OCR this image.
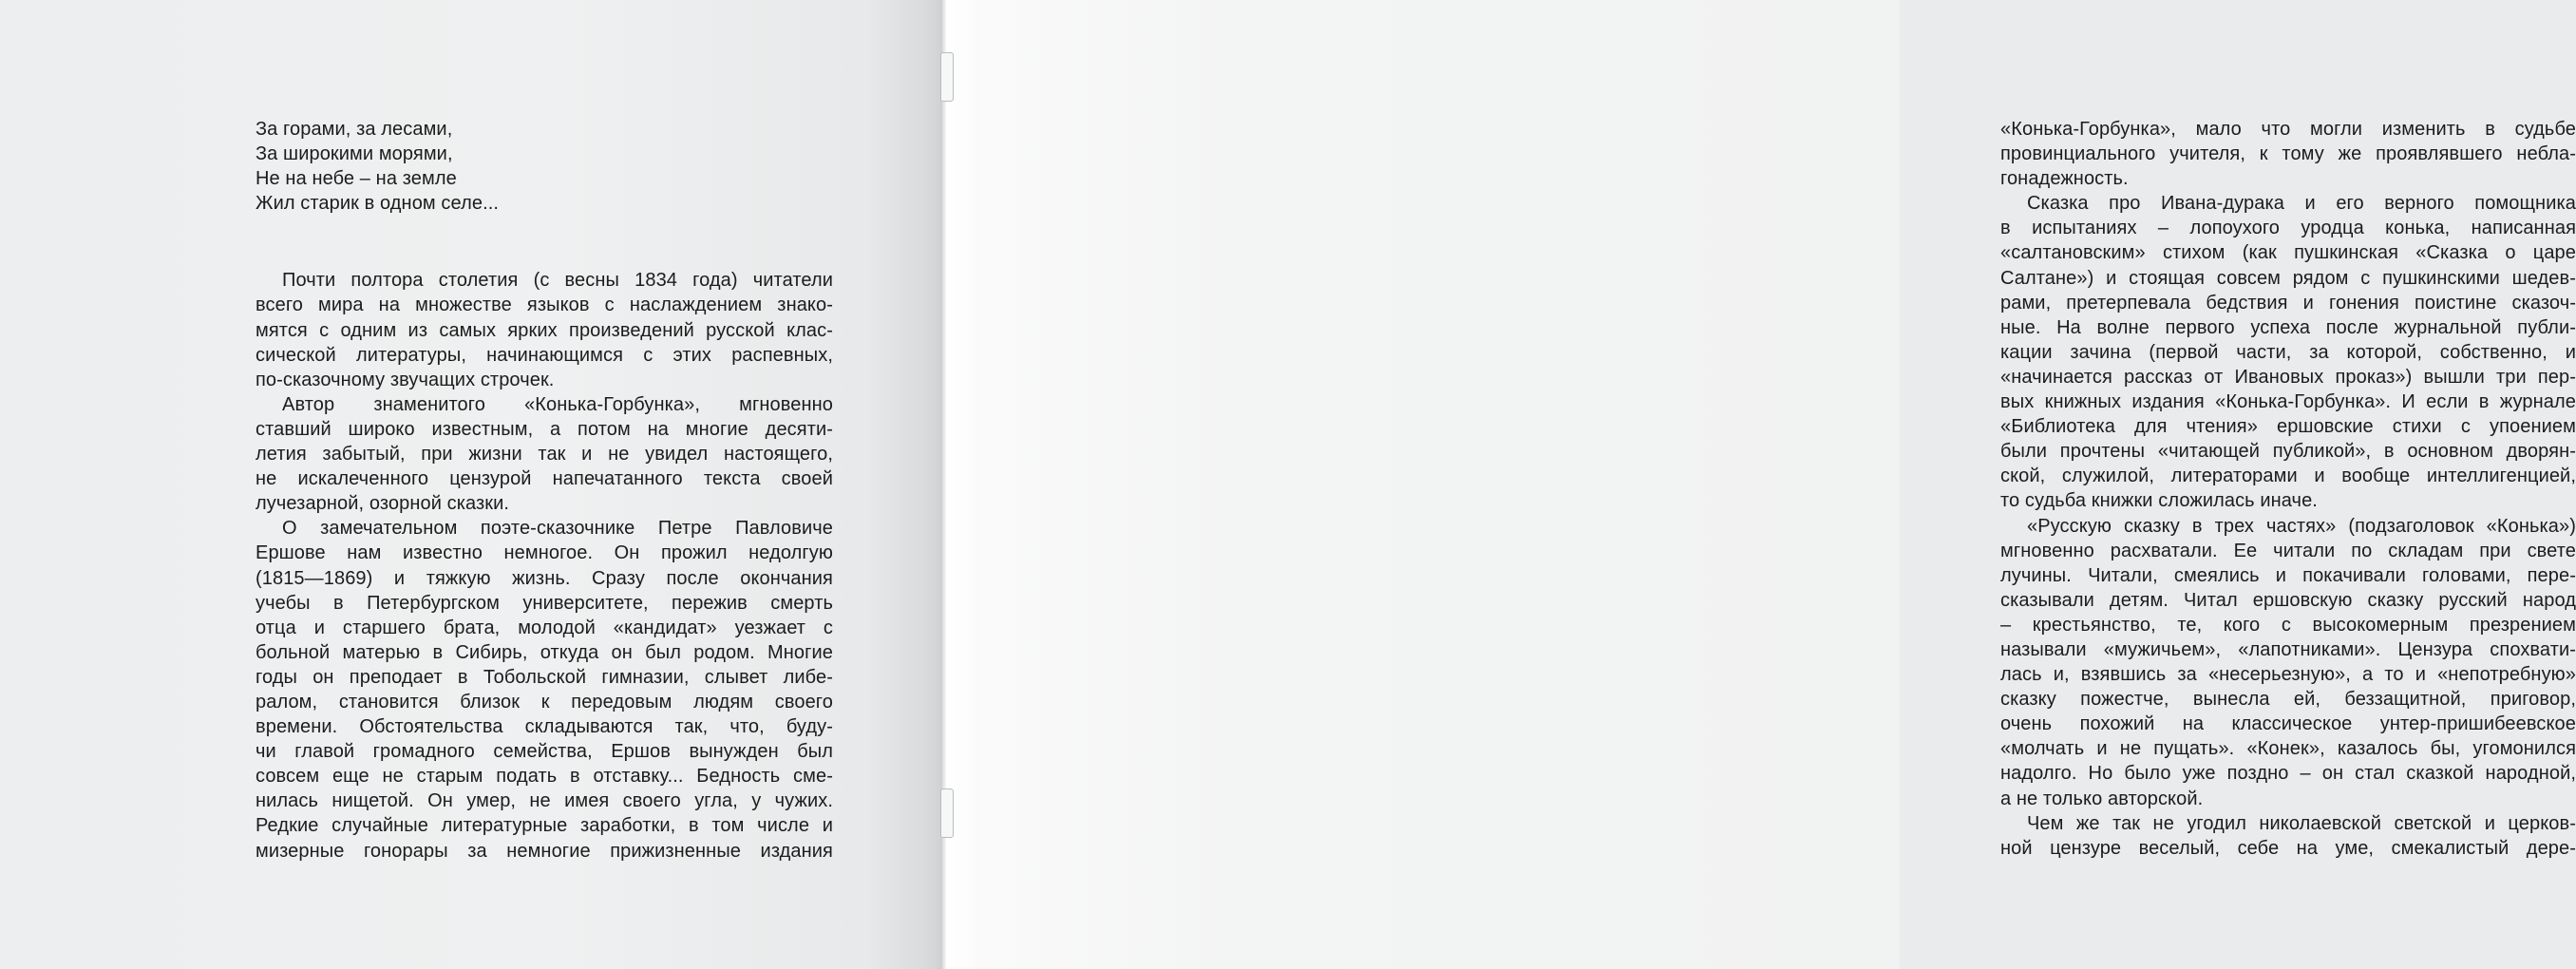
За горами, за лесами,
За широкими морями,
Не на небе – на земле
Жил старик в одном селе...
Почти полтора столетия (с весны 1834 года) читатели
всего мира на множестве языков с наслаждением знако-
мятся с одним из самых ярких произведений русской клас-
сической литературы, начинающимся с этих распевных,
по-сказочному звучащих строчек.
Автор знаменитого «Конька-Горбунка», мгновенно
ставший широко известным, а потом на многие десяти-
летия забытый, при жизни так и не увидел настоящего,
не искалеченного цензурой напечатанного текста своей
лучезарной, озорной сказки.
О замечательном поэте-сказочнике Петре Павловиче
Ершове нам известно немногое. Он прожил недолгую
(1815—1869) и тяжкую жизнь. Сразу после окончания
учебы в Петербургском университете, пережив смерть
отца и старшего брата, молодой «кандидат» уезжает с
больной матерью в Сибирь, откуда он был родом. Многие
годы он преподает в Тобольской гимназии, слывет либе-
ралом, становится близок к передовым людям своего
времени. Обстоятельства складываются так, что, буду-
чи главой громадного семейства, Ершов вынужден был
совсем еще не старым подать в отставку... Бедность сме-
нилась нищетой. Он умер, не имея своего угла, у чужих.
Редкие случайные литературные заработки, в том числе и
мизерные гонорары за немногие прижизненные издания
«Конька-Горбунка», мало что могли изменить в судьбе
провинциального учителя, к тому же проявлявшего небла-
гонадежность.
Сказка про Ивана-дурака и его верного помощника
в испытаниях – лопоухого уродца конька, написанная
«салтановским» стихом (как пушкинская «Сказка о царе
Салтане») и стоящая совсем рядом с пушкинскими шедев-
рами, претерпевала бедствия и гонения поистине сказоч-
ные. На волне первого успеха после журнальной публи-
кации зачина (первой части, за которой, собственно, и
«начинается рассказ от Ивановых проказ») вышли три пер-
вых книжных издания «Конька-Горбунка». И если в журнале
«Библиотека для чтения» ершовские стихи с упоением
были прочтены «читающей публикой», в основном дворян-
ской, служилой, литераторами и вообще интеллигенцией,
то судьба книжки сложилась иначе.
«Русскую сказку в трех частях» (подзаголовок «Конька»)
мгновенно расхватали. Ее читали по складам при свете
лучины. Читали, смеялись и покачивали головами, пере-
сказывали детям. Читал ершовскую сказку русский народ
– крестьянство, те, кого с высокомерным презрением
называли «мужичьем», «лапотниками». Цензура спохвати-
лась и, взявшись за «несерьезную», а то и «непотребную»
сказку пожестче, вынесла ей, беззащитной, приговор,
очень похожий на классическое унтер-пришибеевское
«молчать и не пущать». «Конек», казалось бы, угомонился
надолго. Но было уже поздно – он стал сказкой народной,
а не только авторской.
Чем же так не угодил николаевской светской и церков-
ной цензуре веселый, себе на уме, смекалистый дере-
